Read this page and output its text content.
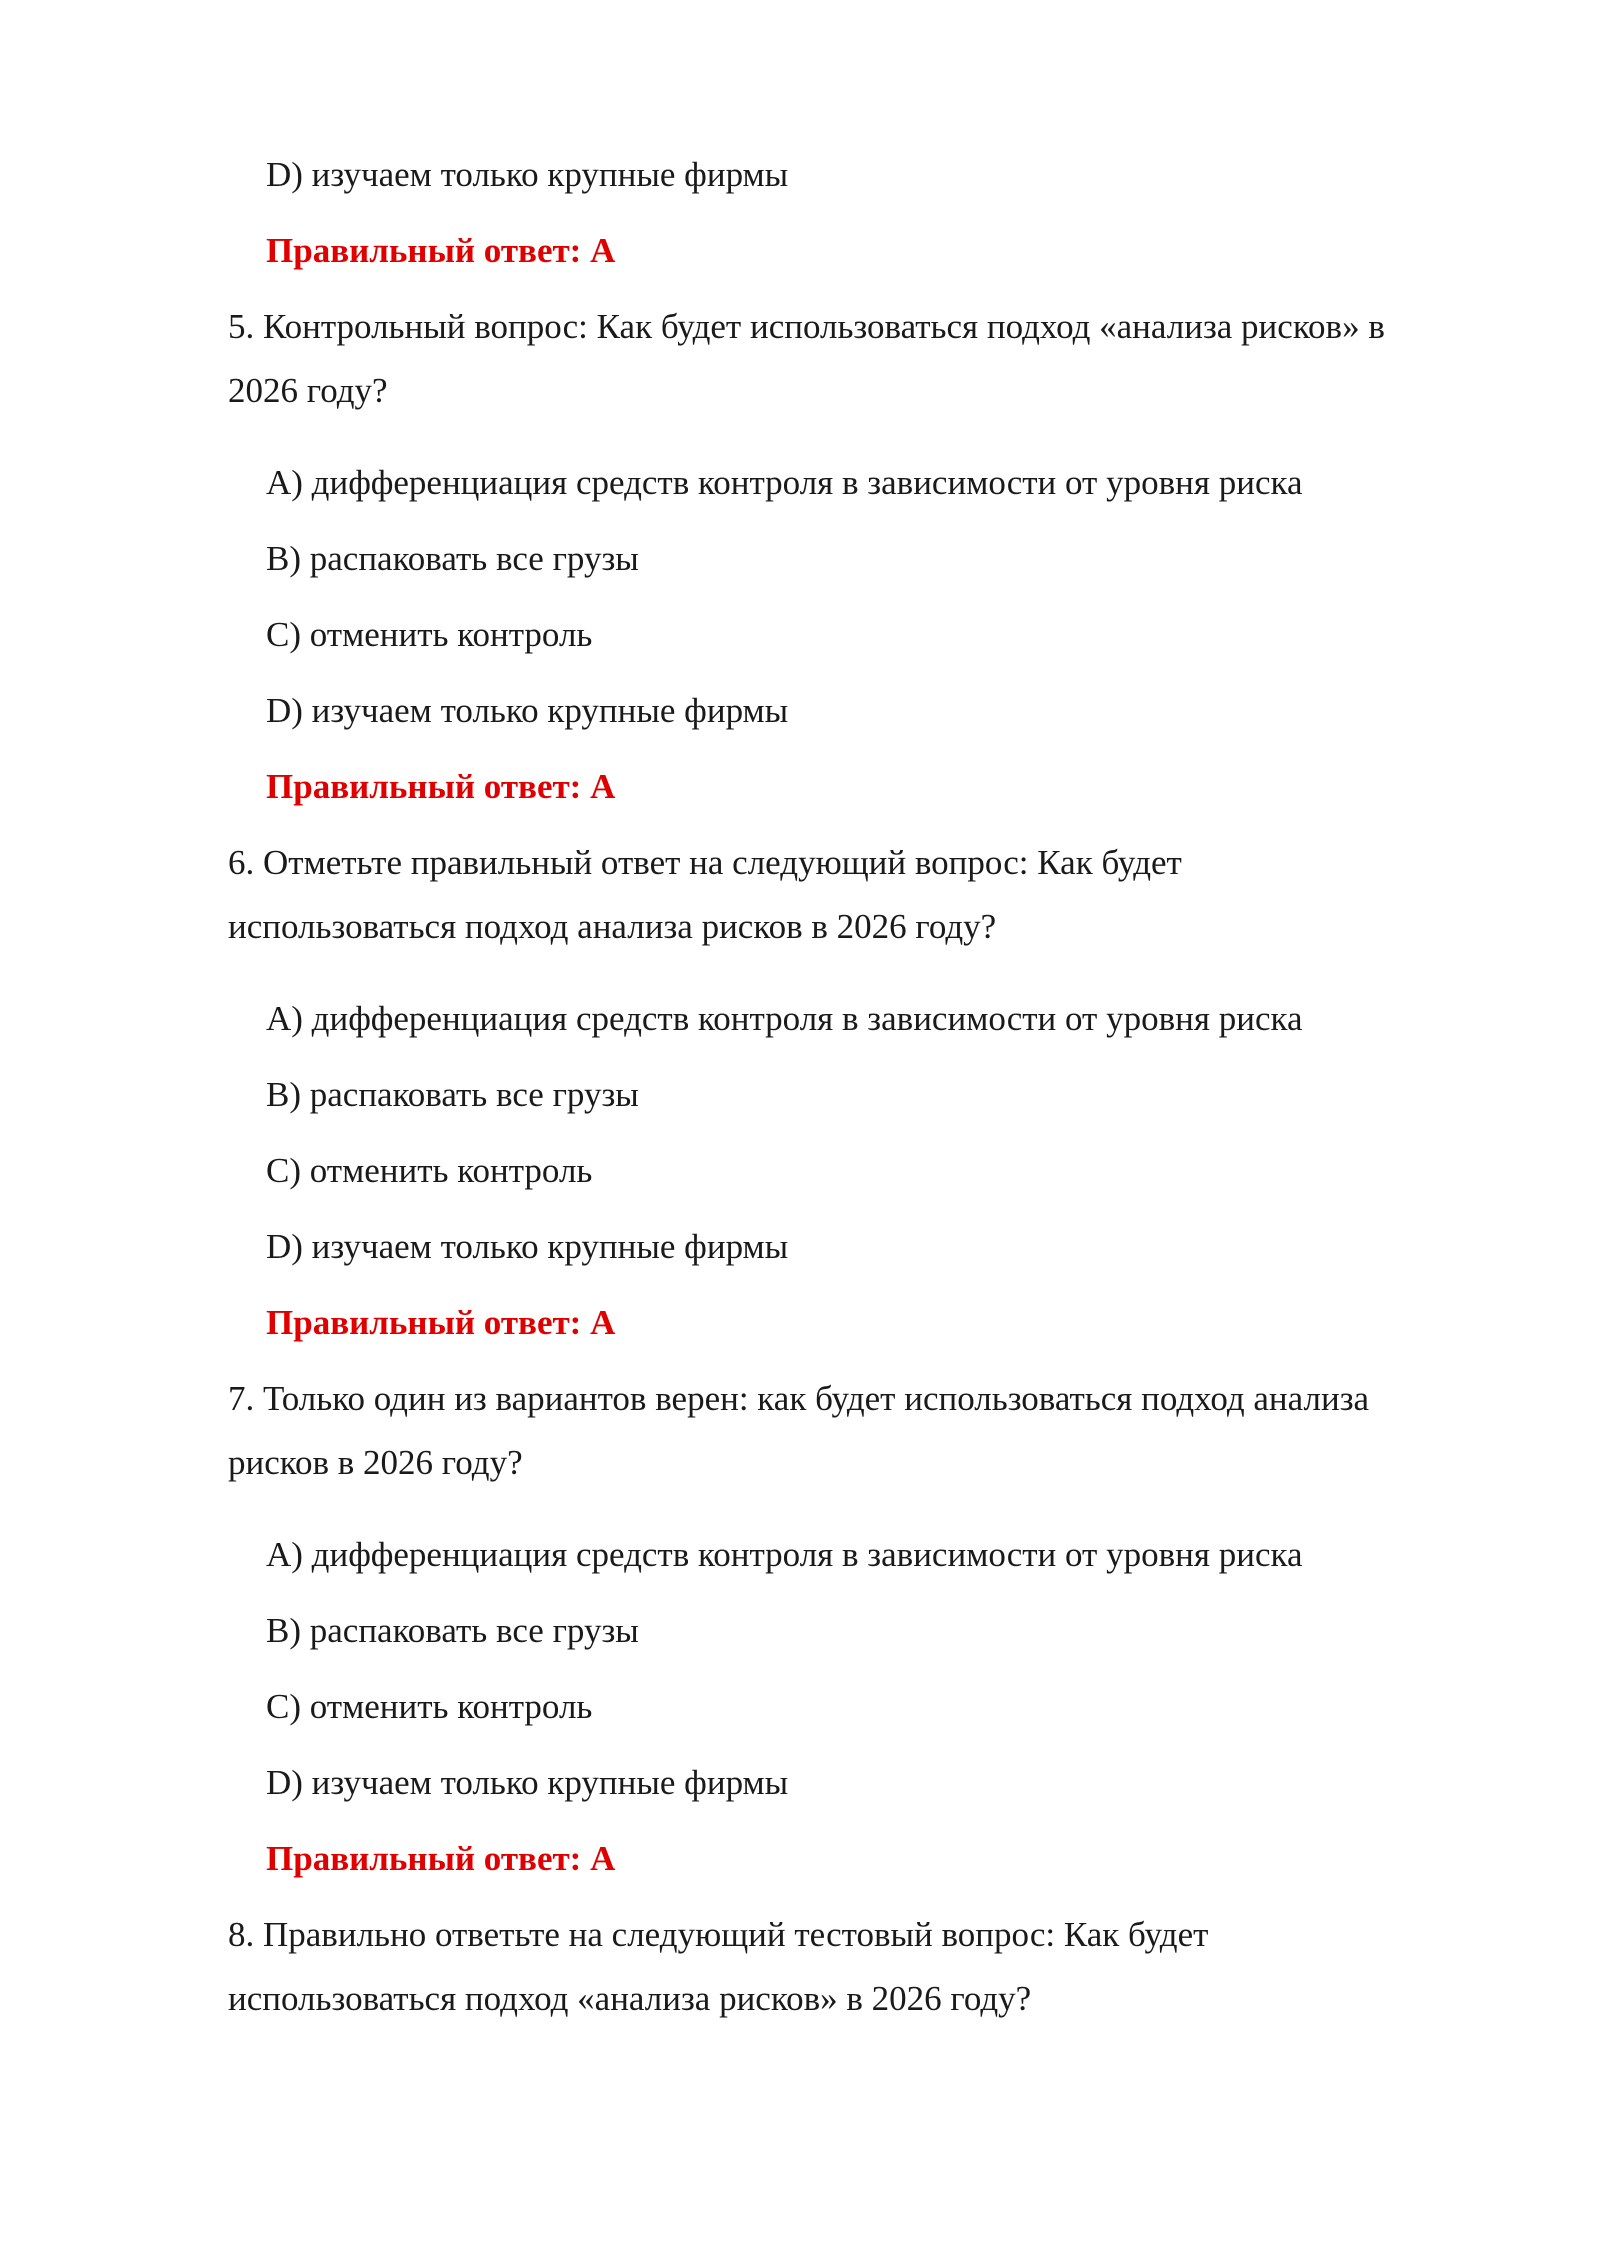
D) изучаем только крупные фирмы
Правильный ответ: A
5. Контрольный вопрос: Как будет использоваться подход «анализа рисков» в
2026 году?
A) дифференциация средств контроля в зависимости от уровня риска
B) распаковать все грузы
C) отменить контроль
D) изучаем только крупные фирмы
Правильный ответ: A
6. Отметьте правильный ответ на следующий вопрос: Как будет
использоваться подход анализа рисков в 2026 году?
A) дифференциация средств контроля в зависимости от уровня риска
B) распаковать все грузы
C) отменить контроль
D) изучаем только крупные фирмы
Правильный ответ: A
7. Только один из вариантов верен: как будет использоваться подход анализа
рисков в 2026 году?
A) дифференциация средств контроля в зависимости от уровня риска
B) распаковать все грузы
C) отменить контроль
D) изучаем только крупные фирмы
Правильный ответ: A
8. Правильно ответьте на следующий тестовый вопрос: Как будет
использоваться подход «анализа рисков» в 2026 году?
